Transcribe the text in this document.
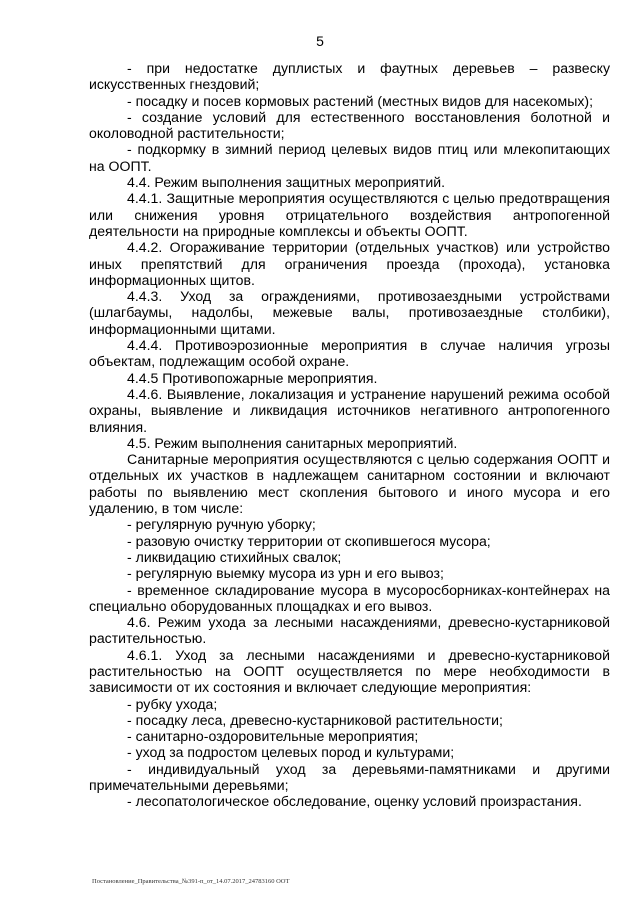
5

- при недостатке дуплистых и фаутных деревьев – развеску искусственных гнездовий;

- посадку и посев кормовых растений (местных видов для насекомых);

- создание условий для естественного восстановления болотной и околоводной растительности;

- подкормку в зимний период целевых видов птиц или млекопитающих на ООПТ.

4.4. Режим выполнения защитных мероприятий.

4.4.1. Защитные мероприятия осуществляются с целью предотвращения или снижения уровня отрицательного воздействия антропогенной деятельности на природные комплексы и объекты ООПТ.

4.4.2. Огораживание территории (отдельных участков) или устройство иных препятствий для ограничения проезда (прохода), установка информационных щитов.

4.4.3. Уход за ограждениями, противозаездными устройствами (шлагбаумы, надолбы, межевые валы, противозаездные столбики), информационными щитами.

4.4.4. Противоэрозионные мероприятия в случае наличия угрозы объектам, подлежащим особой охране.

4.4.5 Противопожарные мероприятия.

4.4.6. Выявление, локализация и устранение нарушений режима особой охраны, выявление и ликвидация источников негативного антропогенного влияния.

4.5. Режим выполнения санитарных мероприятий.

Санитарные мероприятия осуществляются с целью содержания ООПТ и отдельных их участков в надлежащем санитарном состоянии и включают работы по выявлению мест скопления бытового и иного мусора и его удалению, в том числе:

- регулярную ручную уборку;

- разовую очистку территории от скопившегося мусора;

- ликвидацию стихийных свалок;

- регулярную выемку мусора из урн и его вывоз;

- временное складирование мусора в мусоросборниках-контейнерах на специально оборудованных площадках и его вывоз.

4.6. Режим ухода за лесными насаждениями, древесно-кустарниковой растительностью.

4.6.1. Уход за лесными насаждениями и древесно-кустарниковой растительностью на ООПТ осуществляется по мере необходимости в зависимости от их состояния и включает следующие мероприятия:

- рубку ухода;

- посадку леса, древесно-кустарниковой растительности;

- санитарно-оздоровительные мероприятия;

- уход за подростом целевых пород и культурами;

- индивидуальный уход за деревьями-памятниками и другими примечательными деревьями;

- лесопатологическое обследование, оценку условий произрастания.

Постановление_Правительства_№391-п_от_14.07.2017_24783160 ООТ
